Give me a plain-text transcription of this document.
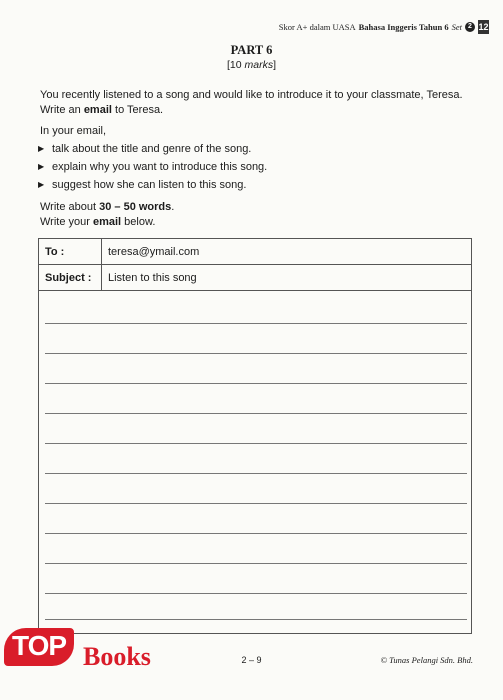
Skor A+ dalam UASA Bahasa Inggeris Tahun 6 Set 2 12
PART 6
[10 marks]
You recently listened to a song and would like to introduce it to your classmate, Teresa.
Write an email to Teresa.
In your email,
▶ talk about the title and genre of the song.
▶ explain why you want to introduce this song.
▶ suggest how she can listen to this song.
Write about 30 – 50 words.
Write your email below.
To :	teresa@ymail.com
Subject :	Listen to this song
TOP Books	2 – 9	© Tunas Pelangi Sdn. Bhd.
